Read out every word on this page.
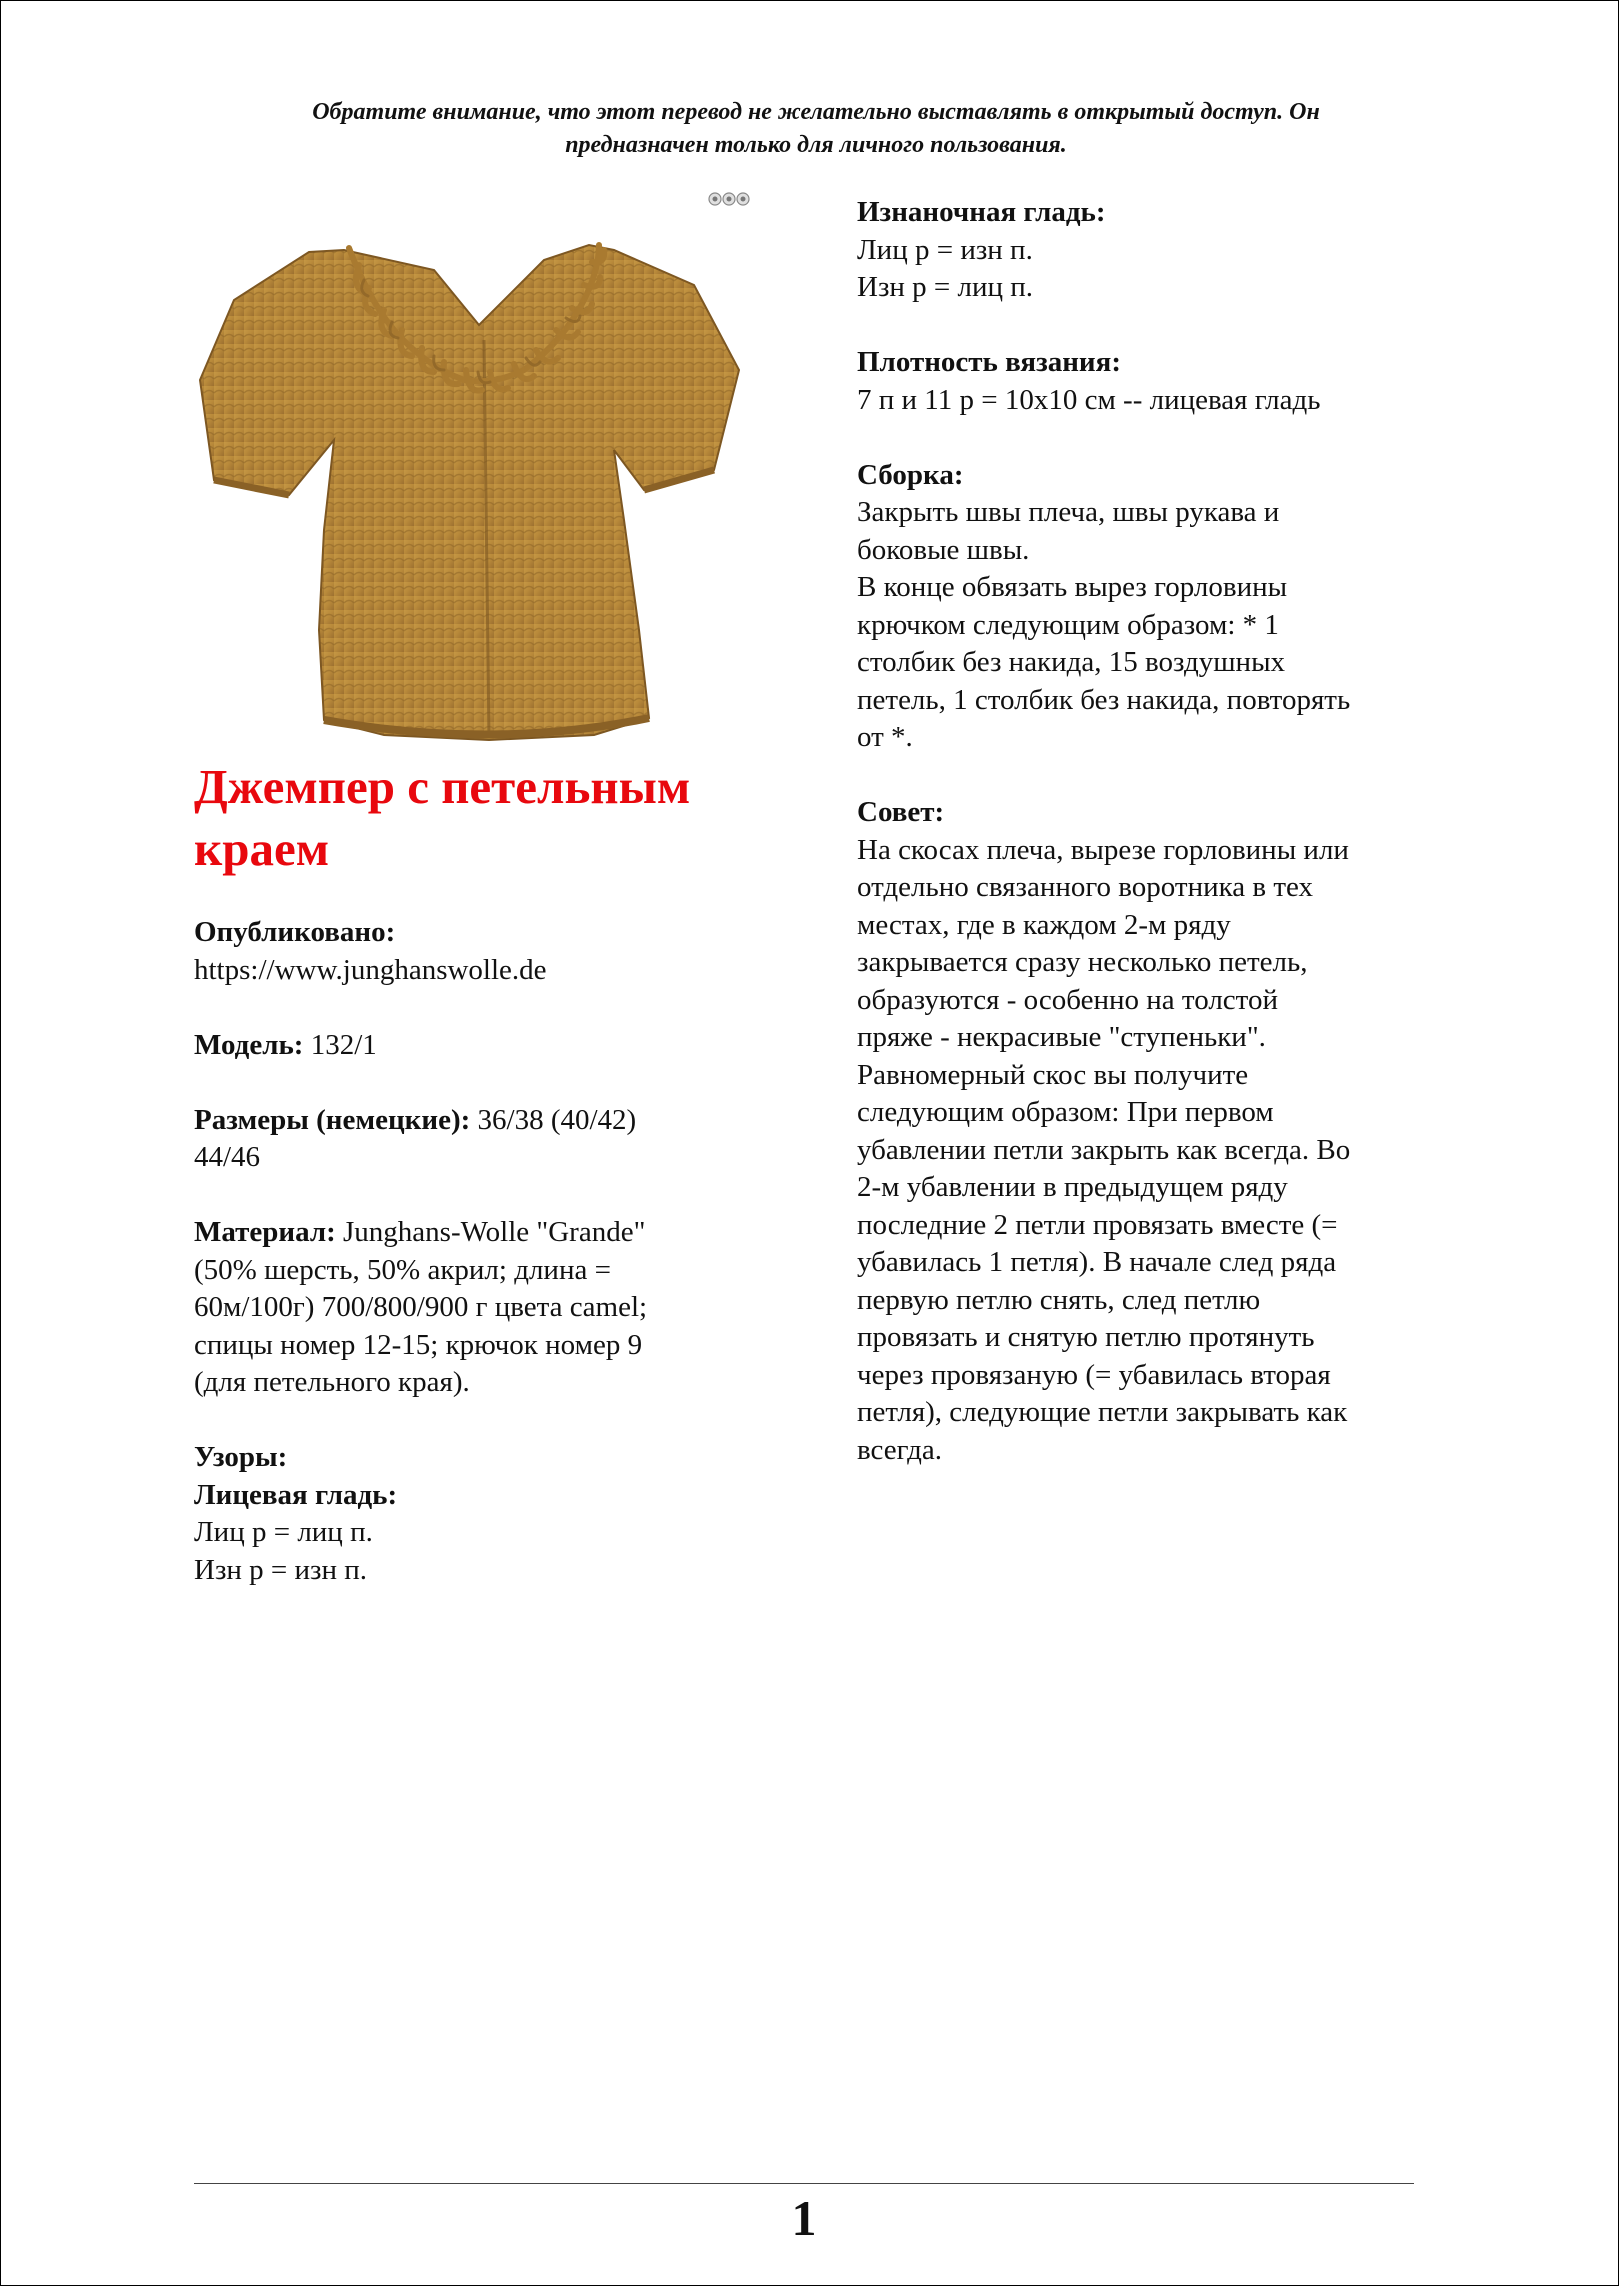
Обратите внимание, что этот перевод не желательно выставлять в открытый доступ. Он
предназначен только для личного пользования.
Джемпер с петельным
краем

Опубликовано:
https://www.junghanswolle.de

Модель: 132/1

Размеры (немецкие): 36/38 (40/42)
44/46

Материал: Junghans-Wolle "Grande"
(50% шерсть, 50% акрил; длина =
60м/100г) 700/800/900 г цвета camel;
спицы номер 12-15; крючок номер 9
(для петельного края).

Узоры:
Лицевая гладь:
Лиц р = лиц п.
Изн р = изн п.

Изнаночная гладь:
Лиц р = изн п.
Изн р = лиц п.

Плотность вязания:
7 п и 11 р = 10х10 см -- лицевая гладь

Сборка:
Закрыть швы плеча, швы рукава и
боковые швы.
В конце обвязать вырез горловины
крючком следующим образом: * 1
столбик без накида, 15 воздушных
петель, 1 столбик без накида, повторять
от *.

Совет:
На скосах плеча, вырезе горловины или
отдельно связанного воротника в тех
местах, где в каждом 2-м ряду
закрывается сразу несколько петель,
образуются - особенно на толстой
пряже - некрасивые "ступеньки".
Равномерный скос вы получите
следующим образом: При первом
убавлении петли закрыть как всегда. Во
2-м убавлении в предыдущем ряду
последние 2 петли провязать вместе (=
убавилась 1 петля). В начале след ряда
первую петлю снять, след петлю
провязать и снятую петлю протянуть
через провязаную (= убавилась вторая
петля), следующие петли закрывать как
всегда.

1
